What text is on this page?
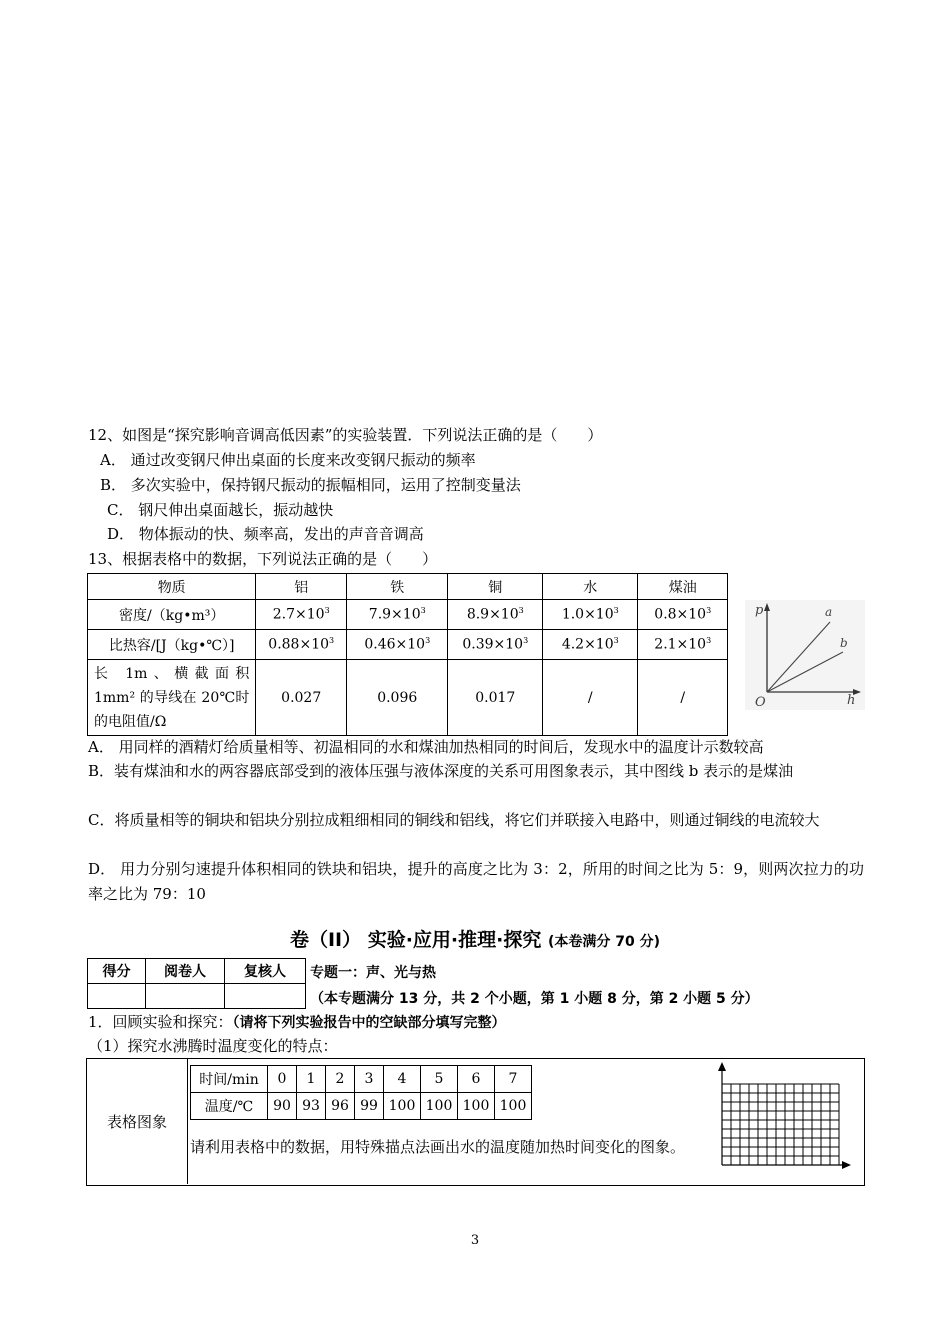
12、如图是“探究影响音调高低因素”的实验装置．下列说法正确的是（　　）
A． 通过改变钢尺伸出桌面的长度来改变钢尺振动的频率
B． 多次实验中，保持钢尺振动的振幅相同，运用了控制变量法
C． 钢尺伸出桌面越长，振动越快
D． 物体振动的快、频率高，发出的声音音调高
13、根据表格中的数据，下列说法正确的是（　　）
物质	铝	铁	铜	水	煤油
密度/（kg•m³）	$2.7\times 10^3$	$7.9\times 10^3$	$8.9\times 10^3$	$1.0\times 10^3$	$0.8\times 10^3$
比热容/[J（kg•℃）]	$0.88\times 10^3$	$0.46\times 10^3$	$0.39\times 10^3$	$4.2\times 10^3$	$2.1\times 10^3$
长 1m、横截面积 1mm² 的导线在 20℃时的电阻值/Ω	0.027	0.096	0.017	/	/
p
h
O
a
b
A． 用同样的酒精灯给质量相等、初温相同的水和煤油加热相同的时间后，发现水中的温度计示数较高
B．装有煤油和水的两容器底部受到的液体压强与液体深度的关系可用图象表示，其中图线 b 表示的是煤油
C．将质量相等的铜块和铝块分别拉成粗细相同的铜线和铝线，将它们并联接入电路中，则通过铜线的电流较大
D． 用力分别匀速提升体积相同的铁块和铝块，提升的高度之比为 3：2，所用的时间之比为 5：9，则两次拉力的功率之比为 79：10
卷（II） 实验·应用·推理·探究 (本卷满分 70 分)
得分	阅卷人	复核人
		专题一：声、光与热
（本专题满分 13 分，共 2 个小题，第 1 小题 8 分，第 2 小题 5 分）
1．回顾实验和探究：（请将下列实验报告中的空缺部分填写完整）
（1）探究水沸腾时温度变化的特点：
表格图象
时间/min	0	1	2	3	4	5	6	7
温度/℃	90	93	96	99	100	100	100	100
请利用表格中的数据，用特殊描点法画出水的温度随加热时间变化的图象。
3
